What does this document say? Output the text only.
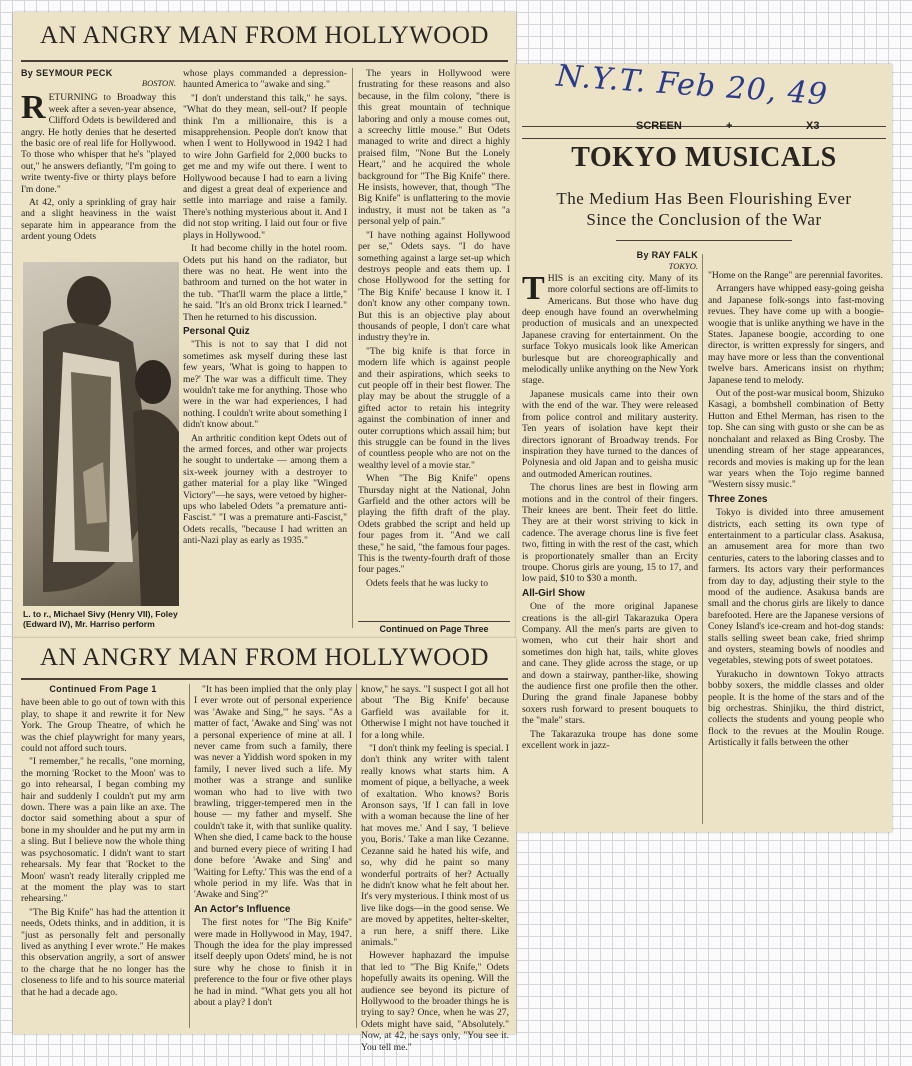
AN ANGRY MAN FROM HOLLYWOOD
By SEYMOUR PECK
BOSTON.

RETURNING to Broadway this week after a seven-year absence, Clifford Odets is bewildered and angry. He hotly denies that he deserted the basic ore of real life for Hollywood. To those who whisper that he's "played out," he answers defiantly, "I'm going to write twenty-five or thirty plays before I'm done."

At 42, only a sprinkling of gray hair and a slight heaviness in the waist separate him in appearance from the ardent young Odets

L. to r., Michael Sivy (Henry VII), Foley (Edward IV), Mr. Harriso perform

whose plays commanded a depression-haunted America to "awake and sing."

"I don't understand this talk," he says. "What do they mean, sell-out? If people think I'm a millionaire, this is a misapprehension. People don't know that when I went to Hollywood in 1942 I had to wire John Garfield for 2,000 bucks to get me and my wife out there. I went to Hollywood because I had to earn a living and digest a great deal of experience and settle into marriage and raise a family. There's nothing mysterious about it. And I did not stop writing. I laid out four or five plays in Hollywood."

It had become chilly in the hotel room. Odets put his hand on the radiator, but there was no heat. He went into the bathroom and turned on the hot water in the tub. "That'll warm the place a little," he said. "It's an old Bronx trick I learned." Then he returned to his discussion.

Personal Quiz

"This is not to say that I did not sometimes ask myself during these last few years, 'What is going to happen to me?' The war was a difficult time. They wouldn't take me for anything. Those who were in the war had experiences, I had nothing. I couldn't write about something I didn't know about."

An arthritic condition kept Odets out of the armed forces, and other war projects he sought to undertake — among them a six-week journey with a destroyer to gather material for a play like "Winged Victory"—he says, were vetoed by higher-ups who labeled Odets "a premature anti-Fascist." "I was a premature anti-Fascist," Odets recalls, "because I had written an anti-Nazi play as early as 1935."

The years in Hollywood were frustrating for these reasons and also because, in the film colony, "there is this great mountain of technique laboring and only a mouse comes out, a screechy little mouse." But Odets managed to write and direct a highly praised film, "None But the Lonely Heart," and he acquired the whole background for "The Big Knife" there. He insists, however, that, though "The Big Knife" is unflattering to the movie industry, it must not be taken as "a personal yelp of pain."

"I have nothing against Hollywood per se," Odets says. "I do have something against a large set-up which destroys people and eats them up. I chose Hollywood for the setting for 'The Big Knife' because I know it. I don't know any other company town. But this is an objective play about thousands of people, I don't care what industry they're in.

"The big knife is that force in modern life which is against people and their aspirations, which seeks to cut people off in their best flower. The play may be about the struggle of a gifted actor to retain his integrity against the combination of inner and outer corruptions which assail him; but this struggle can be found in the lives of countless people who are not on the wealthy level of a movie star."

When "The Big Knife" opens Thursday night at the National, John Garfield and the other actors will be playing the fifth draft of the play. Odets grabbed the script and held up four pages from it. "And we call these," he said, "the famous four pages. This is the twenty-fourth draft of those four pages."

Odets feels that he was lucky to

Continued on Page Three
N.Y.T. Feb 20, 49
SCREEN	+	X3
TOKYO MUSICALS
The Medium Has Been Flourishing Ever Since the Conclusion of the War
By RAY FALK
TOKYO.

THIS is an exciting city. Many of its more colorful sections are off-limits to Americans. But those who have dug deep enough have found an overwhelming production of musicals and an unexpected Japanese craving for entertainment. On the surface Tokyo musicals look like American burlesque but are choreographically and melodically unlike anything on the New York stage.

Japanese musicals came into their own with the end of the war. They were released from police control and military austerity. Ten years of isolation have kept their directors ignorant of Broadway trends. For inspiration they have turned to the dances of Polynesia and old Japan and to geisha music and outmoded American routines.

The chorus lines are best in flowing arm motions and in the control of their fingers. Their knees are bent. Their feet do little. They are at their worst striving to kick in cadence. The average chorus line is five feet two, fitting in with the rest of the cast, which is proportionately smaller than an Ercity troupe. Chorus girls are young, 15 to 17, and low paid, $10 to $30 a month.

All-Girl Show

One of the more original Japanese creations is the all-girl Takarazuka Opera Company. All the men's parts are given to women, who cut their hair short and sometimes don high hat, tails, white gloves and cane. They glide across the stage, or up and down a stairway, panther-like, showing the audience first one profile then the other. During the grand finale Japanese bobby soxers rush forward to present bouquets to the "male" stars.

The Takarazuka troupe has done some excellent work in jazz-

"Home on the Range" are perennial favorites.

Arrangers have whipped easy-going geisha and Japanese folk-songs into fast-moving revues. They have come up with a boogie-woogie that is unlike anything we have in the States. Japanese boogie, according to one director, is written expressly for singers, and may have more or less than the conventional twelve bars. Americans insist on rhythm; Japanese tend to melody.

Out of the post-war musical boom, Shizuko Kasagi, a bombshell combination of Betty Hutton and Ethel Merman, has risen to the top. She can sing with gusto or she can be as nonchalant and relaxed as Bing Crosby. The unending stream of her stage appearances, records and movies is making up for the lean war years when the Tojo regime banned "Western sissy music."

Three Zones

Tokyo is divided into three amusement districts, each setting its own type of entertainment to a particular class. Asakusa, an amusement area for more than two centuries, caters to the laboring classes and to farmers. Its actors vary their performances from day to day, adjusting their style to the mood of the audience. Asakusa bands are small and the chorus girls are likely to dance barefooted. Here are the Japanese versions of Coney Island's ice-cream and hot-dog stands: stalls selling sweet bean cake, fried shrimp and oysters, steaming bowls of noodles and vegetables, stewing pots of sweet potatoes.

Yurakucho in downtown Tokyo attracts bobby soxers, the middle classes and older people. It is the home of the stars and of the big orchestras. Shinjiku, the third district, collects the students and young people who flock to the revues at the Moulin Rouge. Artistically it falls between the other

AN ANGRY MAN FROM HOLLYWOOD
Continued From Page 1

have been able to go out of town with this play, to shape it and rewrite it for New York. The Group Theatre, of which he was the chief playwright for many years, could not afford such tours.

"I remember," he recalls, "one morning, the morning 'Rocket to the Moon' was to go into rehearsal, I began combing my hair and suddenly I couldn't put my arm down. There was a pain like an axe. The doctor said something about a spur of bone in my shoulder and he put my arm in a sling. But I believe now the whole thing was psychosomatic. I didn't want to start rehearsals. My fear that 'Rocket to the Moon' wasn't ready literally crippled me at the moment the play was to start rehearsing."

"The Big Knife" has had the attention it needs, Odets thinks, and in addition, it is "just as personally felt and personally lived as anything I ever wrote." He makes this observation angrily, a sort of answer to the charge that he no longer has the closeness to life and to his source material that he had a decade ago.

"It has been implied that the only play I ever wrote out of personal experience was 'Awake and Sing,'" he says. "As a matter of fact, 'Awake and Sing' was not a personal experience of mine at all. I never came from such a family, there was never a Yiddish word spoken in my family, I never lived such a life. My mother was a strange and sunlike woman who had to live with two brawling, trigger-tempered men in the house — my father and myself. She couldn't take it, with that sunlike quality. When she died, I came back to the house and burned every piece of writing I had done before 'Awake and Sing' and 'Waiting for Lefty.' This was the end of a whole period in my life. Was that in 'Awake and Sing'?"

An Actor's Influence

The first notes for "The Big Knife" were made in Hollywood in May, 1947. Though the idea for the play impressed itself deeply upon Odets' mind, he is not sure why he chose to finish it in preference to the four or five other plays he had in mind. "What gets you all hot about a play? I don't

know," he says. "I suspect I got all hot about 'The Big Knife' because Garfield was available for it. Otherwise I might not have touched it for a long while.

"I don't think my feeling is special. I don't think any writer with talent really knows what starts him. A moment of pique, a bellyache, a week of exaltation. Who knows? Boris Aronson says, 'If I can fall in love with a woman because the line of her hat moves me.' And I say, 'I believe you, Boris.' Take a man like Cezanne. Cezanne said he hated his wife, and so, why did he paint so many wonderful portraits of her? Actually he didn't know what he felt about her. It's very mysterious. I think most of us live like dogs—in the good sense. We are moved by appetites, helter-skelter, a run here, a sniff there. Like animals."

However haphazard the impulse that led to "The Big Knife," Odets hopefully awaits its opening. Will the audience see beyond its picture of Hollywood to the broader things he is trying to say? Once, when he was 27, Odets might have said, "Absolutely." Now, at 42, he says only, "You see it. You tell me."
